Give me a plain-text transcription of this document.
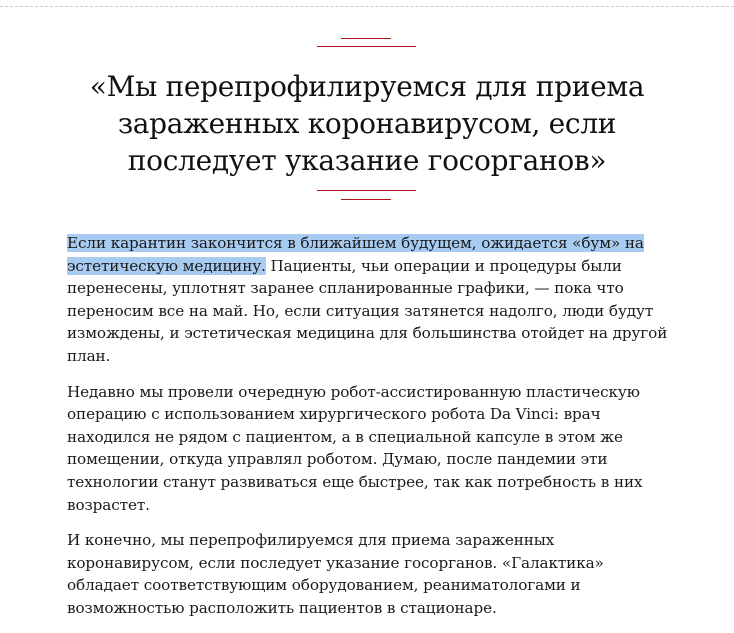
«Мы перепрофилируемся для приема
зараженных коронавирусом, если
последует указание госорганов»

Если карантин закончится в ближайшем будущем, ожидается «бум» на эстетическую медицину. Пациенты, чьи операции и процедуры были перенесены, уплотнят заранее спланированные графики, — пока что переносим все на май. Но, если ситуация затянется надолго, люди будут измождены, и эстетическая медицина для большинства отойдет на другой план.

Недавно мы провели очередную робот-ассистированную пластическую операцию с использованием хирургического робота Da Vinci: врач находился не рядом с пациентом, а в специальной капсуле в этом же помещении, откуда управлял роботом. Думаю, после пандемии эти технологии станут развиваться еще быстрее, так как потребность в них возрастет.

И конечно, мы перепрофилируемся для приема зараженных коронавирусом, если последует указание госорганов. «Галактика» обладает соответствующим оборудованием, реаниматологами и возможностью расположить пациентов в стационаре.
